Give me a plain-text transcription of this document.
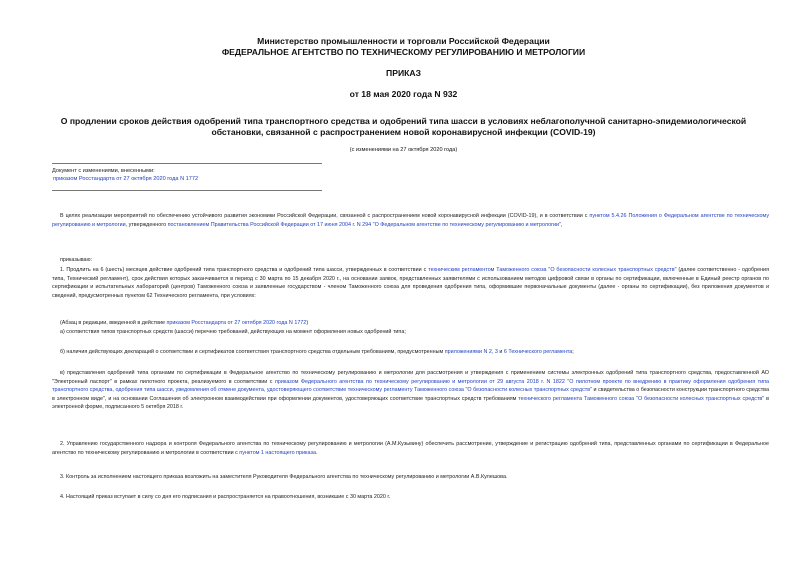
Министерство промышленности и торговли Российской Федерации
ФЕДЕРАЛЬНОЕ АГЕНТСТВО ПО ТЕХНИЧЕСКОМУ РЕГУЛИРОВАНИЮ И МЕТРОЛОГИИ
ПРИКАЗ
от 18 мая 2020 года N 932
О продлении сроков действия одобрений типа транспортного средства и одобрений типа шасси в условиях неблагополучной санитарно-эпидемиологической
обстановки, связанной с распространением новой коронавирусной инфекции (COVID-19)
(с изменениями на 27 октября 2020 года)
Документ с изменениями, внесенными:
приказом Росстандарта от 27 октября 2020 года N 1772
В целях реализации мероприятий по обеспечению устойчивого развития экономики Российской Федерации, связанной с распространением новой коронавирусной инфекции (COVID-19), и в соответствии с пунктом 5.4.26 Положения о Федеральном агентстве по техническому регулированию и метрологии, утвержденного постановлением Правительства Российской Федерации от 17 июня 2004 г. N 294 "О Федеральном агентстве по техническому регулированию и метрологии",
приказываю:
1. Продлить на 6 (шесть) месяцев действие одобрений типа транспортного средства и одобрений типа шасси, утвержденных в соответствии с техническим регламентом Таможенного союза "О безопасности колесных транспортных средств" (далее соответственно - одобрения типа, Технический регламент), срок действия которых заканчивается в период с 30 марта по 15 декабря 2020 г., на основании заявок, представленных заявителями с использованием методов цифровой связи в органы по сертификации, включенные в Единый реестр органов по сертификации и испытательных лабораторий (центров) Таможенного союза и заявленные государством - членом Таможенного союза для проведения одобрения типа, оформившие первоначальные документы (далее - органы по сертификации), без приложения документов и сведений, предусмотренных пунктом 62 Технического регламента, при условиях:
(Абзац в редакции, введенной в действие приказом Росстандарта от 27 октября 2020 года N 1772)
а) соответствия типов транспортных средств (шасси) перечню требований, действующих на момент оформления новых одобрений типа;
б) наличия действующих деклараций о соответствии и сертификатов соответствия транспортного средства отдельным требованиям, предусмотренным приложениями N 2, 3 и 6 Технического регламента;
в) представления одобрений типа органами по сертификации в Федеральное агентство по техническому регулированию и метрологии для рассмотрения и утверждения с применением системы электронных одобрений типа транспортного средства, предоставленной АО "Электронный паспорт" в рамках пилотного проекта, реализуемого в соответствии с приказом Федерального агентства по техническому регулированию и метрологии от 29 августа 2018 г. N 1822 "О пилотном проекте по внедрению в практику оформления одобрения типа транспортного средства, одобрения типа шасси, уведомления об отмене документа, удостоверяющего соответствие техническому регламенту Таможенного союза "О безопасности колесных транспортных средств" и свидетельства о безопасности конструкции транспортного средства в электронном виде", и на основании Соглашения об электронном взаимодействии при оформлении документов, удостоверяющих соответствие транспортных средств требованиям технического регламента Таможенного союза "О безопасности колесных транспортных средств" в электронной форме, подписанного 5 октября 2018 г.
2. Управлению государственного надзора и контроля Федерального агентства по техническому регулированию и метрологии (А.М.Кузьмину) обеспечить рассмотрение, утверждение и регистрацию одобрений типа, представленных органами по сертификации в Федеральное агентство по техническому регулированию и метрологии в соответствии с пунктом 1 настоящего приказа.
3. Контроль за исполнением настоящего приказа возложить на заместителя Руководителя Федерального агентства по техническому регулированию и метрологии А.В.Кулешова.
4. Настоящий приказ вступает в силу со дня его подписания и распространяется на правоотношения, возникшие с 30 марта 2020 г.
